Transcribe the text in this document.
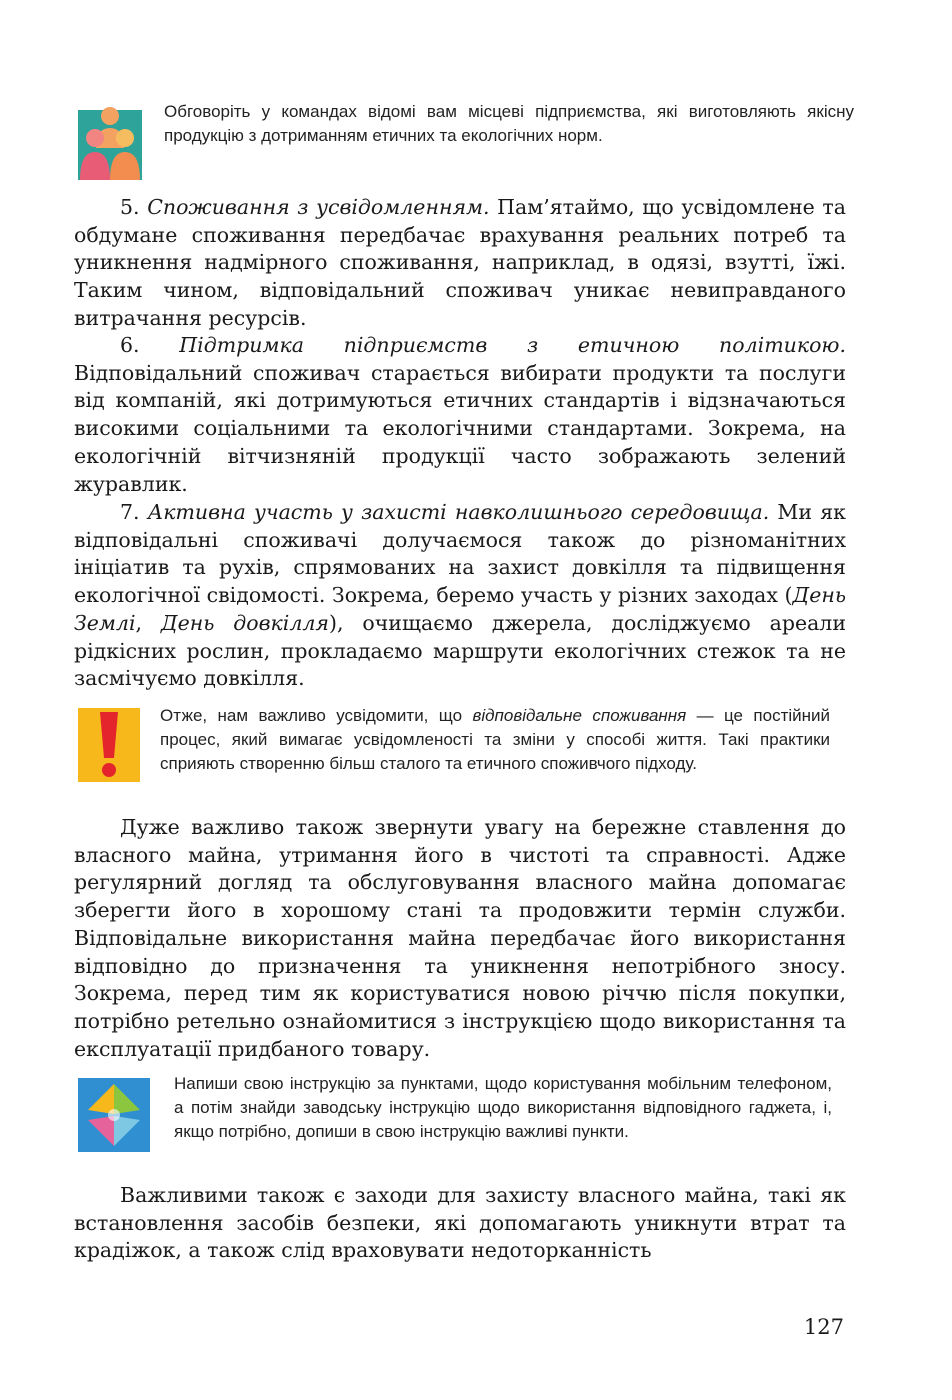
Обговоріть у командах відомі вам місцеві підприємства, які виготовляють якісну продукцію з дотриманням етичних та екологічних норм.

5. Споживання з усвідомленням. Пам’ятаймо, що усвідомлене та обдумане споживання передбачає врахування реальних потреб та уникнення надмірного споживання, наприклад, в одязі, взутті, їжі. Таким чином, відповідальний споживач уникає невиправданого витрачання ресурсів.

6. Підтримка підприємств з етичною політикою. Відповідальний споживач старається вибирати продукти та послуги від компаній, які дотримуються етичних стандартів і відзначаються високими соціальними та екологічними стандартами. Зокрема, на екологічній вітчизняній продукції часто зображають зелений журавлик.

7. Активна участь у захисті навколишнього середовища. Ми як відповідальні споживачі долучаємося також до різноманітних ініціатив та рухів, спрямованих на захист довкілля та підвищення екологічної свідомості. Зокрема, беремо участь у різних заходах (День Землі, День довкілля), очищаємо джерела, досліджуємо ареали рідкісних рослин, прокладаємо маршрути екологічних стежок та не засмічуємо довкілля.

Отже, нам важливо усвідомити, що відповідальне споживання — це постійний процес, який вимагає усвідомленості та зміни у способі життя. Такі практики сприяють створенню більш сталого та етичного споживчого підходу.

Дуже важливо також звернути увагу на бережне ставлення до власного майна, утримання його в чистоті та справності. Адже регулярний догляд та обслуговування власного майна допомагає зберегти його в хорошому стані та продовжити термін служби. Відповідальне використання майна передбачає його використання відповідно до призначення та уникнення непотрібного зносу. Зокрема, перед тим як користуватися новою річчю після покупки, потрібно ретельно ознайомитися з інструкцією щодо використання та експлуатації придбаного товару.

Напиши свою інструкцію за пунктами, щодо користування мобільним телефоном, а потім знайди заводську інструкцію щодо використання відповідного гаджета, і, якщо потрібно, допиши в свою інструкцію важливі пункти.

Важливими також є заходи для захисту власного майна, такі як встановлення засобів безпеки, які допомагають уникнути втрат та крадіжок, а також слід враховувати недоторканність

127
